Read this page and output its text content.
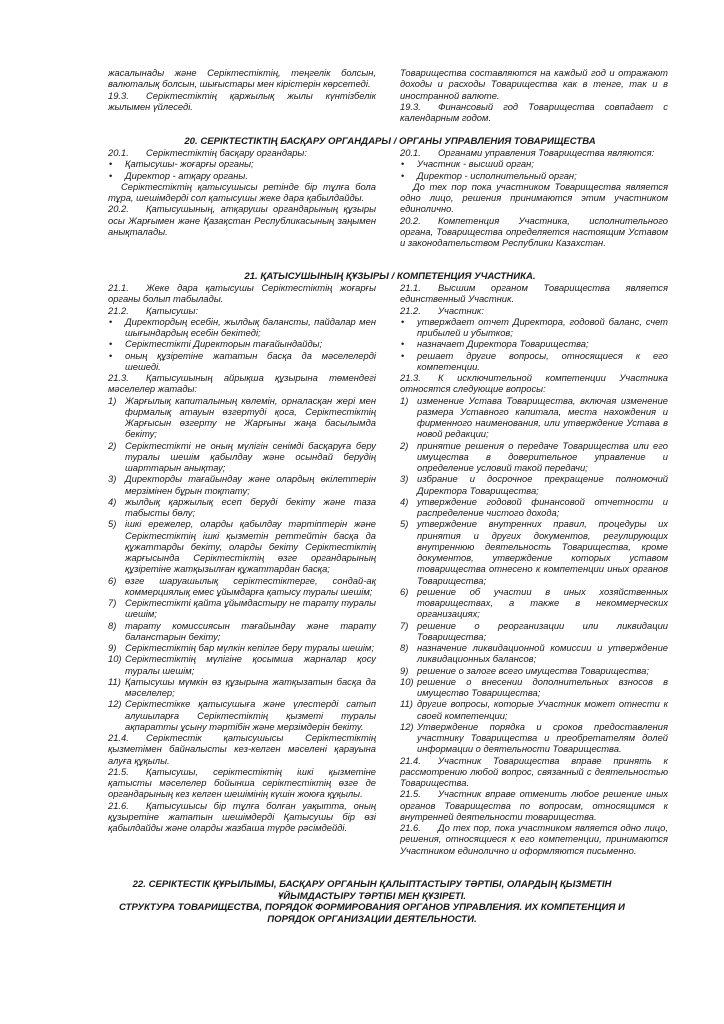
жасалынады және Серіктестіктің, теңгелік болсын, валюталық болсын, шығыстары мен кірістерін көрсетеді.

19.3. Серіктестіктің қаржылық жылы күнтізбелік жылымен үйлеседі.

Товарищества составляются на каждый год и отражают доходы и расходы Товарищества как в тенге, так и в иностранной валюте.

19.3. Финансовый год Товарищества совпадает с календарным годом.

20. СЕРІКТЕСТІКТІҢ БАСҚАРУ ОРГАНДАРЫ / ОРГАНЫ УПРАВЛЕНИЯ ТОВАРИЩЕСТВА

20.1. Серіктестіктің басқару органдары:

• Қатысушы- жоғарғы органы;
• Директор - атқару органы.

Серіктестіктің қатысушысы ретінде бір тұлға бола тұра, шешімдерді сол қатысушы жеке дара қабылдайды.

20.2. Қатысушының, атқарушы органдарының құзыры осы Жарғымен және Қазақстан Республикасының заңымен анықталады.

20.1. Органами управления Товарищества являются:

• Участник - высший орган;
• Директор - исполнительный орган;

До тех пор пока участником Товарищества является одно лицо, решения принимаются этим участником единолично.

20.2. Компетенция Участника, исполнительного органа, Товарищества определяется настоящим Уставом и законодательством Республики Казахстан.

21. ҚАТЫСУШЫНЫҢ ҚҰЗЫРЫ / КОМПЕТЕНЦИЯ УЧАСТНИКА.

21.1. Жеке дара қатысушы Серіктестіктің жоғарғы органы болып табылады.

21.2. Қатысушы:

• Директордың есебін, жылдық балансты, пайдалар мен шығындардың есебін бекітеді;
• Серіктестікті Директорын тағайындайды;
• оның құзіретіне жататын басқа да мәселелерді шешеді.

21.3. Қатысушының айрықша құзырына төмендегі мәселелер жатады:

1) Жарғылық капиталының көлемін, орналасқан жері мен фирмалық атауын өзгертуді қоса, Серіктестіктің Жарғысын өзгерту не Жарғыны жаңа басылымда бекіту;
2) Серіктестікті не оның мүлігін сенімді басқаруға беру туралы шешім қабылдау және осындай берудің шарттарын анықтау;
3) Директорды тағайындау және олардың өкілеттерін мерзімінен бұрын тоқтату;
4) жылдық қаржылық есеп беруді бекіту және таза табысты бөлу;
5) ішкі ережелер, оларды қабылдау тәртіптерін және Серіктестіктің ішкі қызметін реттейтін басқа да құжаттарды бекіту, оларды бекіту Серіктестіктің жарғысында Серіктестіктің өзге органдарының құзіретіне жатқызылған құжаттардан басқа;
6) өзге шаруашылық серіктестіктерге, сондай-ақ коммерциялық емес ұйымдарға қатысу туралы шешім;
7) Серіктестікті қайта ұйымдастыру не тарату туралы шешім;
8) тарату комиссиясын тағайындау және тарату баланстарын бекіту;
9) Серіктестіктің бар мүлкін кепілге беру туралы шешім;
10) Серіктестіктің мүлігіне қосымша жарналар қосу туралы шешім;
11) Қатысушы мүмкін өз құзырына жатқызатын басқа да мәселелер;
12) Серіктестікке қатысушыға және үлестерді сатып алушыларға Серіктестіктің қызметі туралы ақпаратты ұсыну тәртібін және мерзімдерін бекіту.

21.4. Серіктестік қатысушысы Серіктестіктің қызметімен байналысты кез-келген мәселені қарауына алуға құқылы.

21.5. Қатысушы, серіктестіктің ішкі қызметіне қатысты мәселелер бойынша серіктестіктің өзге де органдарының кез келген шешімінің күшін жоюға құқылы.

21.6. Қатысушысы бір тұлға болған уақытта, оның құзыретіне жататын шешімдерді Қатысушы бір өзі қабылдайды және оларды жазбаша түрде рәсімдейді.

21.1. Высшим органом Товарищества является единственный Участник.

21.2. Участник:

• утверждает отчет Директора, годовой баланс, счет прибылей и убытков;
• назначает Директора Товарищества;
• решает другие вопросы, относящиеся к его компетенции.

21.3. К исключительной компетенции Участника относятся следующие вопросы:

1) изменение Устава Товарищества, включая изменение размера Уставного капитала, места нахождения и фирменного наименования, или утверждение Устава в новой редакции;
2) принятие решения о передаче Товарищества или его имущества в доверительное управление и определение условий такой передачи;
3) избрание и досрочное прекращение полномочий Директора Товарищества;
4) утверждение годовой финансовой отчетности и распределение чистого дохода;
5) утверждение внутренних правил, процедуры их принятия и других документов, регулирующих внутреннюю деятельность Товарищества, кроме документов, утверждение которых уставом товарищества отнесено к компетенции иных органов Товарищества;
6) решение об участии в иных хозяйственных товариществах, а также в некоммерческих организациях;
7) решение о реорганизации или ликвидации Товарищества;
8) назначение ликвидационной комиссии и утверждение ликвидационных балансов;
9) решение о залоге всего имущества Товарищества;
10) решение о внесении дополнительных взносов в имущество Товарищества;
11) другие вопросы, которые Участник может отнести к своей компетенции;
12) Утверждение порядка и сроков предоставления участнику Товарищества и преобретателям долей информации о деятельности Товарищества.

21.4. Участник Товарищества вправе принять к рассмотрению любой вопрос, связанный с деятельностью Товарищества.

21.5. Участник вправе отменить любое решение иных органов Товарищества по вопросам, относящимся к внутренней деятельности товарищества.

21.6. До тех пор, пока участником является одно лицо, решения, относящиеся к его компетенции, принимаются Участником единолично и оформляются письменно.

22. СЕРІКТЕСТІК ҚҰРЫЛЫМЫ, БАСҚАРУ ОРГАНЫН ҚАЛЫПТАСТЫРУ ТӘРТІБІ, ОЛАРДЫҢ ҚЫЗМЕТІН
ҰЙЫМДАСТЫРУ ТӘРТІБІ МЕН ҚҰЗІРЕТІ.
СТРУКТУРА ТОВАРИЩЕСТВА, ПОРЯДОК ФОРМИРОВАНИЯ ОРГАНОВ УПРАВЛЕНИЯ. ИХ КОМПЕТЕНЦИЯ И
ПОРЯДОК ОРГАНИЗАЦИИ ДЕЯТЕЛЬНОСТИ.
